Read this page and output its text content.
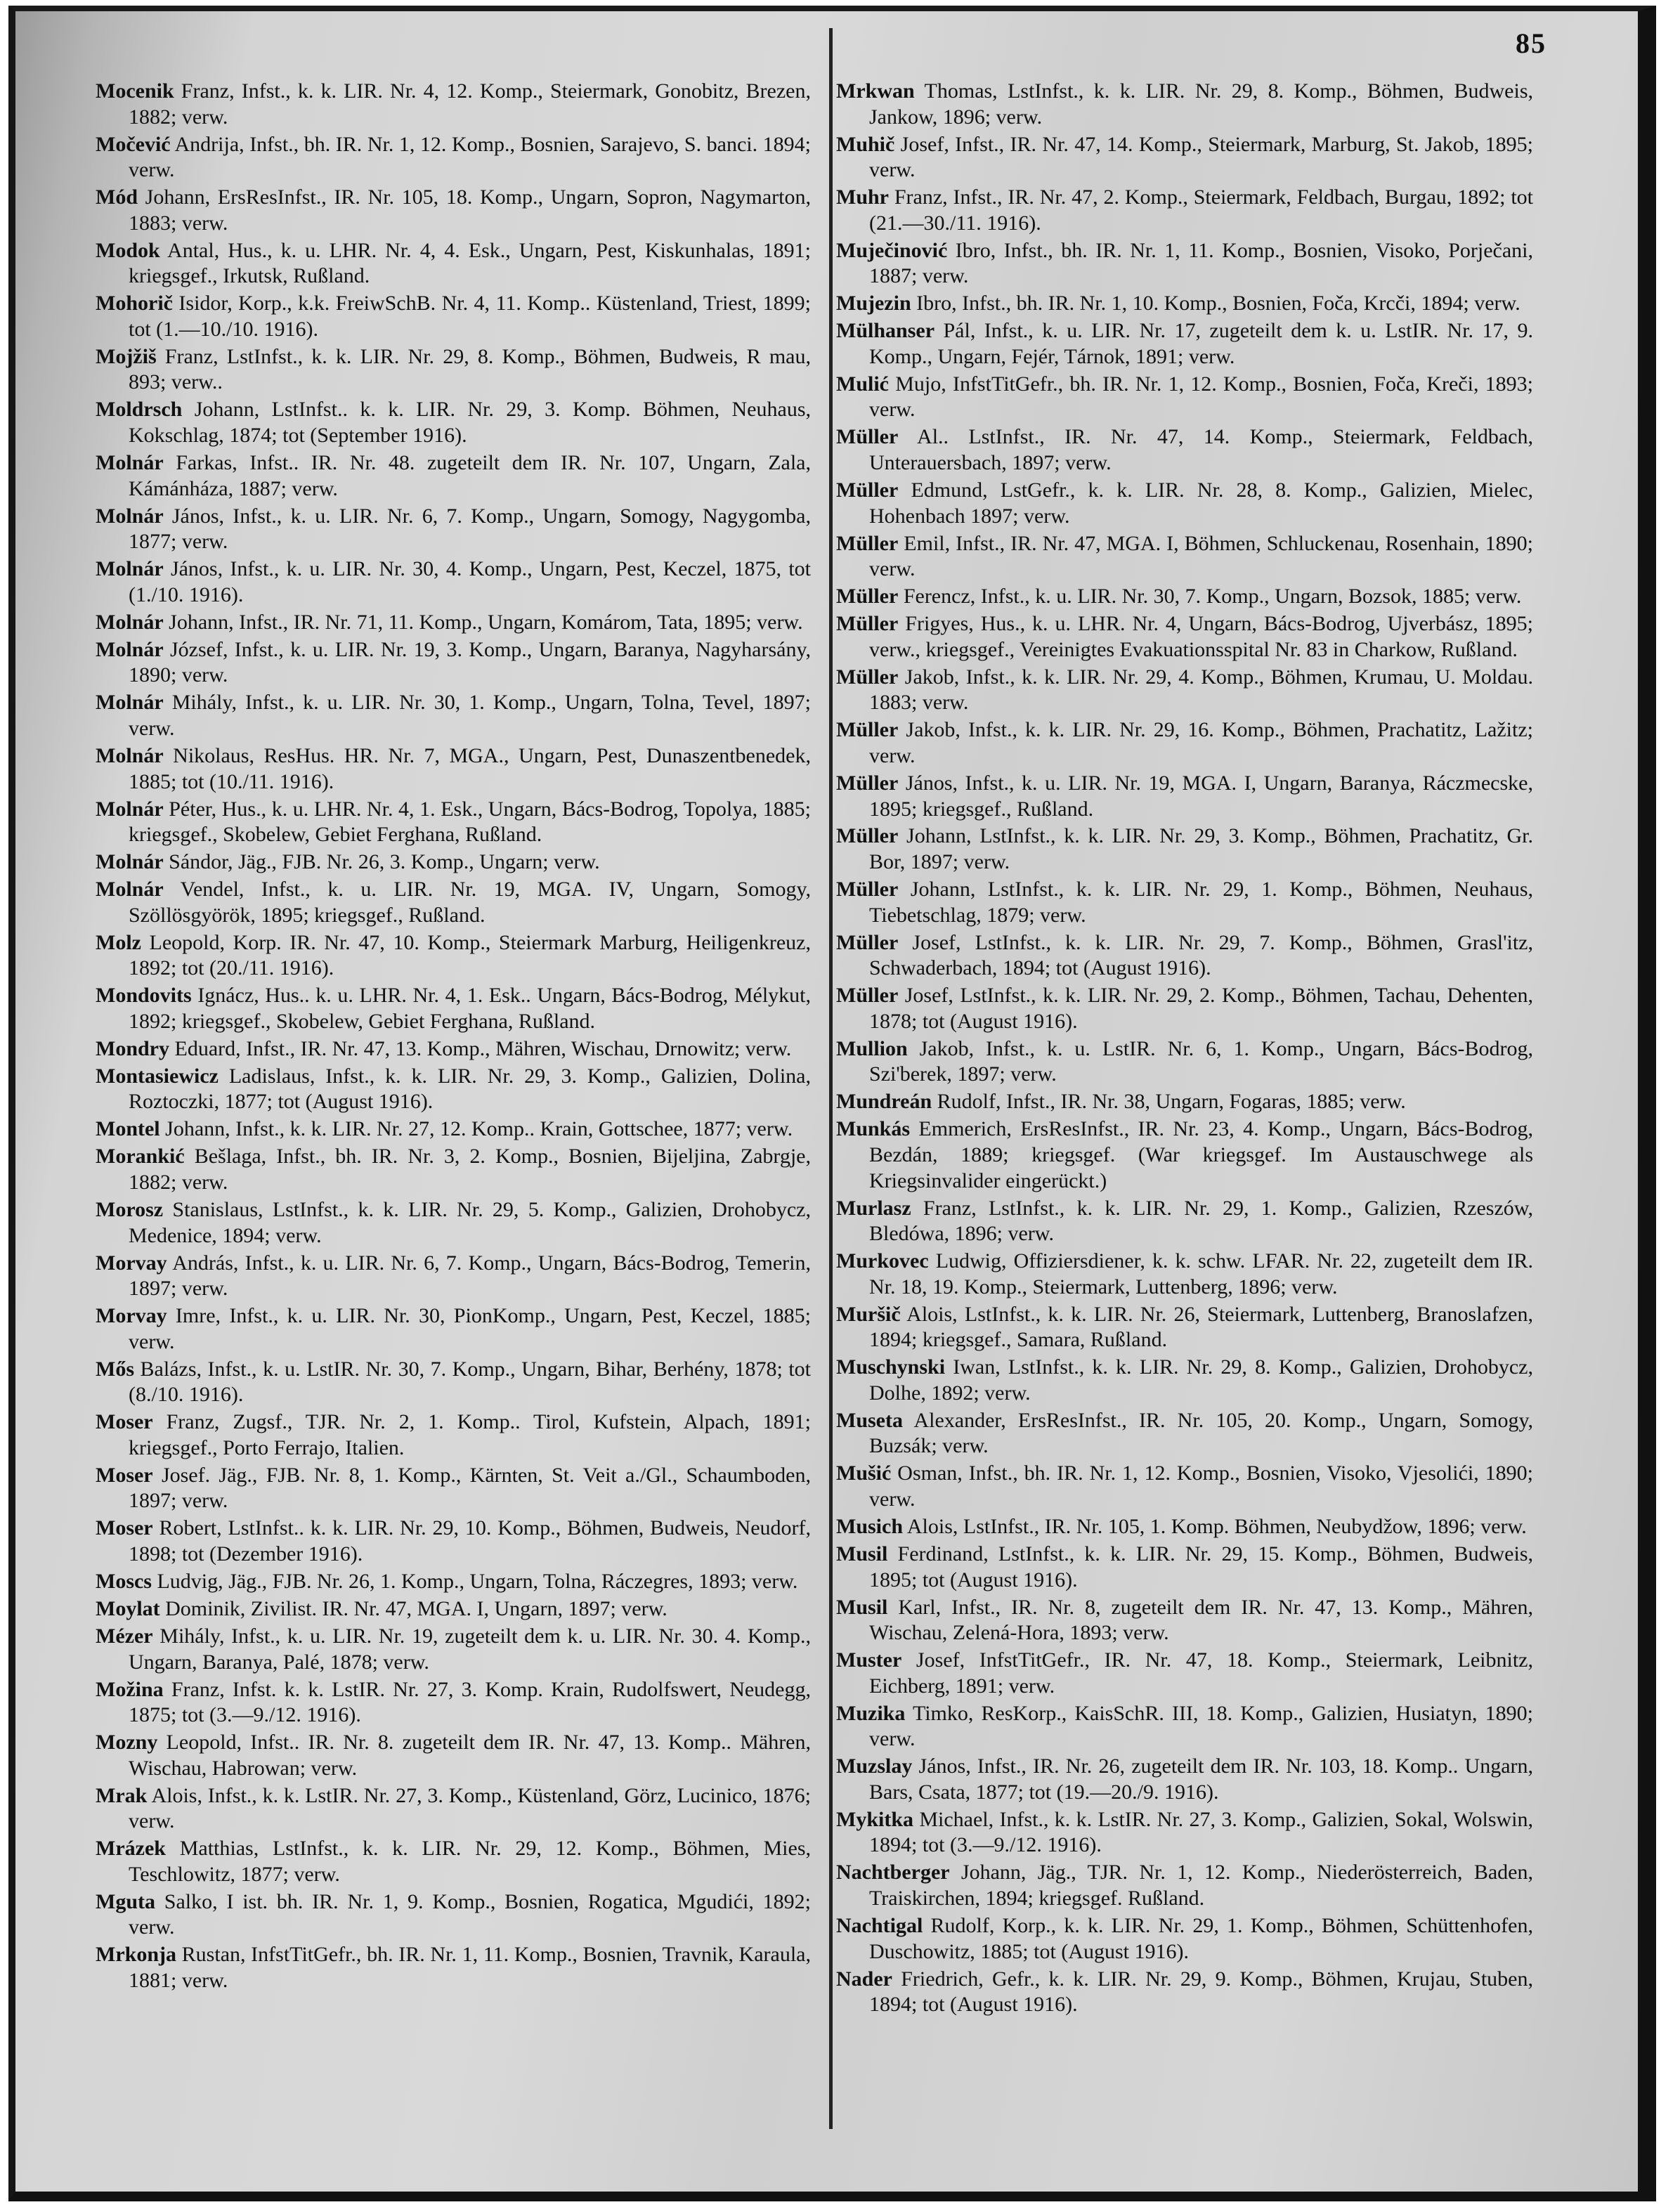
85

Mocenik Franz, Infst., k. k. LIR. Nr. 4, 12. Komp., Steiermark, Gonobitz, Brezen, 1882; verw.

Močević Andrija, Infst., bh. IR. Nr. 1, 12. Komp., Bosnien, Sarajevo, S. banci. 1894; verw.

Mód Johann, ErsResInfst., IR. Nr. 105, 18. Komp., Ungarn, Sopron, Nagymarton, 1883; verw.

Modok Antal, Hus., k. u. LHR. Nr. 4, 4. Esk., Ungarn, Pest, Kiskunhalas, 1891; kriegsgef., Irkutsk, Rußland.

Mohorič Isidor, Korp., k.k. FreiwSchB. Nr. 4, 11. Komp.. Küstenland, Triest, 1899; tot (1.—10./10. 1916).

Mojžiš Franz, LstInfst., k. k. LIR. Nr. 29, 8. Komp., Böhmen, Budweis, R mau, 893; verw..

Moldrsch Johann, LstInfst.. k. k. LIR. Nr. 29, 3. Komp. Böhmen, Neuhaus, Kokschlag, 1874; tot (September 1916).

Molnár Farkas, Infst.. IR. Nr. 48. zugeteilt dem IR. Nr. 107, Ungarn, Zala, Kámánháza, 1887; verw.

Molnár János, Infst., k. u. LIR. Nr. 6, 7. Komp., Ungarn, Somogy, Nagygomba, 1877; verw.

Molnár János, Infst., k. u. LIR. Nr. 30, 4. Komp., Ungarn, Pest, Keczel, 1875, tot (1./10. 1916).

Molnár Johann, Infst., IR. Nr. 71, 11. Komp., Ungarn, Komárom, Tata, 1895; verw.

Molnár József, Infst., k. u. LIR. Nr. 19, 3. Komp., Ungarn, Baranya, Nagyharsány, 1890; verw.

Molnár Mihály, Infst., k. u. LIR. Nr. 30, 1. Komp., Ungarn, Tolna, Tevel, 1897; verw.

Molnár Nikolaus, ResHus. HR. Nr. 7, MGA., Ungarn, Pest, Dunaszentbenedek, 1885; tot (10./11. 1916).

Molnár Péter, Hus., k. u. LHR. Nr. 4, 1. Esk., Ungarn, Bács-Bodrog, Topolya, 1885; kriegsgef., Skobelew, Gebiet Ferghana, Rußland.

Molnár Sándor, Jäg., FJB. Nr. 26, 3. Komp., Ungarn; verw.

Molnár Vendel, Infst., k. u. LIR. Nr. 19, MGA. IV, Ungarn, Somogy, Szöllösgyörök, 1895; kriegsgef., Rußland.

Molz Leopold, Korp. IR. Nr. 47, 10. Komp., Steiermark Marburg, Heiligenkreuz, 1892; tot (20./11. 1916).

Mondovits Ignácz, Hus.. k. u. LHR. Nr. 4, 1. Esk.. Ungarn, Bács-Bodrog, Mélykut, 1892; kriegsgef., Skobelew, Gebiet Ferghana, Rußland.

Mondry Eduard, Infst., IR. Nr. 47, 13. Komp., Mähren, Wischau, Drnowitz; verw.

Montasiewicz Ladislaus, Infst., k. k. LIR. Nr. 29, 3. Komp., Galizien, Dolina, Roztoczki, 1877; tot (August 1916).

Montel Johann, Infst., k. k. LIR. Nr. 27, 12. Komp.. Krain, Gottschee, 1877; verw.

Morankić Bešlaga, Infst., bh. IR. Nr. 3, 2. Komp., Bosnien, Bijeljina, Zabrgje, 1882; verw.

Morosz Stanislaus, LstInfst., k. k. LIR. Nr. 29, 5. Komp., Galizien, Drohobycz, Medenice, 1894; verw.

Morvay András, Infst., k. u. LIR. Nr. 6, 7. Komp., Ungarn, Bács-Bodrog, Temerin, 1897; verw.

Morvay Imre, Infst., k. u. LIR. Nr. 30, PionKomp., Ungarn, Pest, Keczel, 1885; verw.

Mős Balázs, Infst., k. u. LstIR. Nr. 30, 7. Komp., Ungarn, Bihar, Berhény, 1878; tot (8./10. 1916).

Moser Franz, Zugsf., TJR. Nr. 2, 1. Komp.. Tirol, Kufstein, Alpach, 1891; kriegsgef., Porto Ferrajo, Italien.

Moser Josef. Jäg., FJB. Nr. 8, 1. Komp., Kärnten, St. Veit a./Gl., Schaumboden, 1897; verw.

Moser Robert, LstInfst.. k. k. LIR. Nr. 29, 10. Komp., Böhmen, Budweis, Neudorf, 1898; tot (Dezember 1916).

Moscs Ludvig, Jäg., FJB. Nr. 26, 1. Komp., Ungarn, Tolna, Ráczegres, 1893; verw.

Moylat Dominik, Zivilist. IR. Nr. 47, MGA. I, Ungarn, 1897; verw.

Mézer Mihály, Infst., k. u. LIR. Nr. 19, zugeteilt dem k. u. LIR. Nr. 30. 4. Komp., Ungarn, Baranya, Palé, 1878; verw.

Možina Franz, Infst. k. k. LstIR. Nr. 27, 3. Komp. Krain, Rudolfswert, Neudegg, 1875; tot (3.—9./12. 1916).

Mozny Leopold, Infst.. IR. Nr. 8. zugeteilt dem IR. Nr. 47, 13. Komp.. Mähren, Wischau, Habrowan; verw.

Mrak Alois, Infst., k. k. LstIR. Nr. 27, 3. Komp., Küstenland, Görz, Lucinico, 1876; verw.

Mrázek Matthias, LstInfst., k. k. LIR. Nr. 29, 12. Komp., Böhmen, Mies, Teschlowitz, 1877; verw.

Mguta Salko, I ist. bh. IR. Nr. 1, 9. Komp., Bosnien, Rogatica, Mgudići, 1892; verw.

Mrkonja Rustan, InfstTitGefr., bh. IR. Nr. 1, 11. Komp., Bosnien, Travnik, Karaula, 1881; verw.

Mrkwan Thomas, LstInfst., k. k. LIR. Nr. 29, 8. Komp., Böhmen, Budweis, Jankow, 1896; verw.

Muhič Josef, Infst., IR. Nr. 47, 14. Komp., Steiermark, Marburg, St. Jakob, 1895; verw.

Muhr Franz, Infst., IR. Nr. 47, 2. Komp., Steiermark, Feldbach, Burgau, 1892; tot (21.—30./11. 1916).

Muječinović Ibro, Infst., bh. IR. Nr. 1, 11. Komp., Bosnien, Visoko, Porječani, 1887; verw.

Mujezin Ibro, Infst., bh. IR. Nr. 1, 10. Komp., Bosnien, Foča, Krcči, 1894; verw.

Mülhanser Pál, Infst., k. u. LIR. Nr. 17, zugeteilt dem k. u. LstIR. Nr. 17, 9. Komp., Ungarn, Fejér, Tárnok, 1891; verw.

Mulić Mujo, InfstTitGefr., bh. IR. Nr. 1, 12. Komp., Bosnien, Foča, Kreči, 1893; verw.

Müller Al.. LstInfst., IR. Nr. 47, 14. Komp., Steiermark, Feldbach, Unterauersbach, 1897; verw.

Müller Edmund, LstGefr., k. k. LIR. Nr. 28, 8. Komp., Galizien, Mielec, Hohenbach 1897; verw.

Müller Emil, Infst., IR. Nr. 47, MGA. I, Böhmen, Schluckenau, Rosenhain, 1890; verw.

Müller Ferencz, Infst., k. u. LIR. Nr. 30, 7. Komp., Ungarn, Bozsok, 1885; verw.

Müller Frigyes, Hus., k. u. LHR. Nr. 4, Ungarn, Bács-Bodrog, Ujverbász, 1895; verw., kriegsgef., Vereinigtes Evakuationsspital Nr. 83 in Charkow, Rußland.

Müller Jakob, Infst., k. k. LIR. Nr. 29, 4. Komp., Böhmen, Krumau, U. Moldau. 1883; verw.

Müller Jakob, Infst., k. k. LIR. Nr. 29, 16. Komp., Böhmen, Prachatitz, Lažitz; verw.

Müller János, Infst., k. u. LIR. Nr. 19, MGA. I, Ungarn, Baranya, Ráczmecske, 1895; kriegsgef., Rußland.

Müller Johann, LstInfst., k. k. LIR. Nr. 29, 3. Komp., Böhmen, Prachatitz, Gr. Bor, 1897; verw.

Müller Johann, LstInfst., k. k. LIR. Nr. 29, 1. Komp., Böhmen, Neuhaus, Tiebetschlag, 1879; verw.

Müller Josef, LstInfst., k. k. LIR. Nr. 29, 7. Komp., Böhmen, Grasl'itz, Schwaderbach, 1894; tot (August 1916).

Müller Josef, LstInfst., k. k. LIR. Nr. 29, 2. Komp., Böhmen, Tachau, Dehenten, 1878; tot (August 1916).

Mullion Jakob, Infst., k. u. LstIR. Nr. 6, 1. Komp., Ungarn, Bács-Bodrog, Szi'berek, 1897; verw.

Mundreán Rudolf, Infst., IR. Nr. 38, Ungarn, Fogaras, 1885; verw.

Munkás Emmerich, ErsResInfst., IR. Nr. 23, 4. Komp., Ungarn, Bács-Bodrog, Bezdán, 1889; kriegsgef. (War kriegsgef. Im Austauschwege als Kriegsinvalider eingerückt.)

Murlasz Franz, LstInfst., k. k. LIR. Nr. 29, 1. Komp., Galizien, Rzeszów, Bledówa, 1896; verw.

Murkovec Ludwig, Offiziersdiener, k. k. schw. LFAR. Nr. 22, zugeteilt dem IR. Nr. 18, 19. Komp., Steiermark, Luttenberg, 1896; verw.

Muršič Alois, LstInfst., k. k. LIR. Nr. 26, Steiermark, Luttenberg, Branoslafzen, 1894; kriegsgef., Samara, Rußland.

Muschynski Iwan, LstInfst., k. k. LIR. Nr. 29, 8. Komp., Galizien, Drohobycz, Dolhe, 1892; verw.

Museta Alexander, ErsResInfst., IR. Nr. 105, 20. Komp., Ungarn, Somogy, Buzsák; verw.

Mušić Osman, Infst., bh. IR. Nr. 1, 12. Komp., Bosnien, Visoko, Vjesolići, 1890; verw.

Musich Alois, LstInfst., IR. Nr. 105, 1. Komp. Böhmen, Neubydžow, 1896; verw.

Musil Ferdinand, LstInfst., k. k. LIR. Nr. 29, 15. Komp., Böhmen, Budweis, 1895; tot (August 1916).

Musil Karl, Infst., IR. Nr. 8, zugeteilt dem IR. Nr. 47, 13. Komp., Mähren, Wischau, Zelená-Hora, 1893; verw.

Muster Josef, InfstTitGefr., IR. Nr. 47, 18. Komp., Steiermark, Leibnitz, Eichberg, 1891; verw.

Muzika Timko, ResKorp., KaisSchR. III, 18. Komp., Galizien, Husiatyn, 1890; verw.

Muzslay János, Infst., IR. Nr. 26, zugeteilt dem IR. Nr. 103, 18. Komp.. Ungarn, Bars, Csata, 1877; tot (19.—20./9. 1916).

Mykitka Michael, Infst., k. k. LstIR. Nr. 27, 3. Komp., Galizien, Sokal, Wolswin, 1894; tot (3.—9./12. 1916).

Nachtberger Johann, Jäg., TJR. Nr. 1, 12. Komp., Niederösterreich, Baden, Traiskirchen, 1894; kriegsgef. Rußland.

Nachtigal Rudolf, Korp., k. k. LIR. Nr. 29, 1. Komp., Böhmen, Schüttenhofen, Duschowitz, 1885; tot (August 1916).

Nader Friedrich, Gefr., k. k. LIR. Nr. 29, 9. Komp., Böhmen, Krujau, Stuben, 1894; tot (August 1916).
